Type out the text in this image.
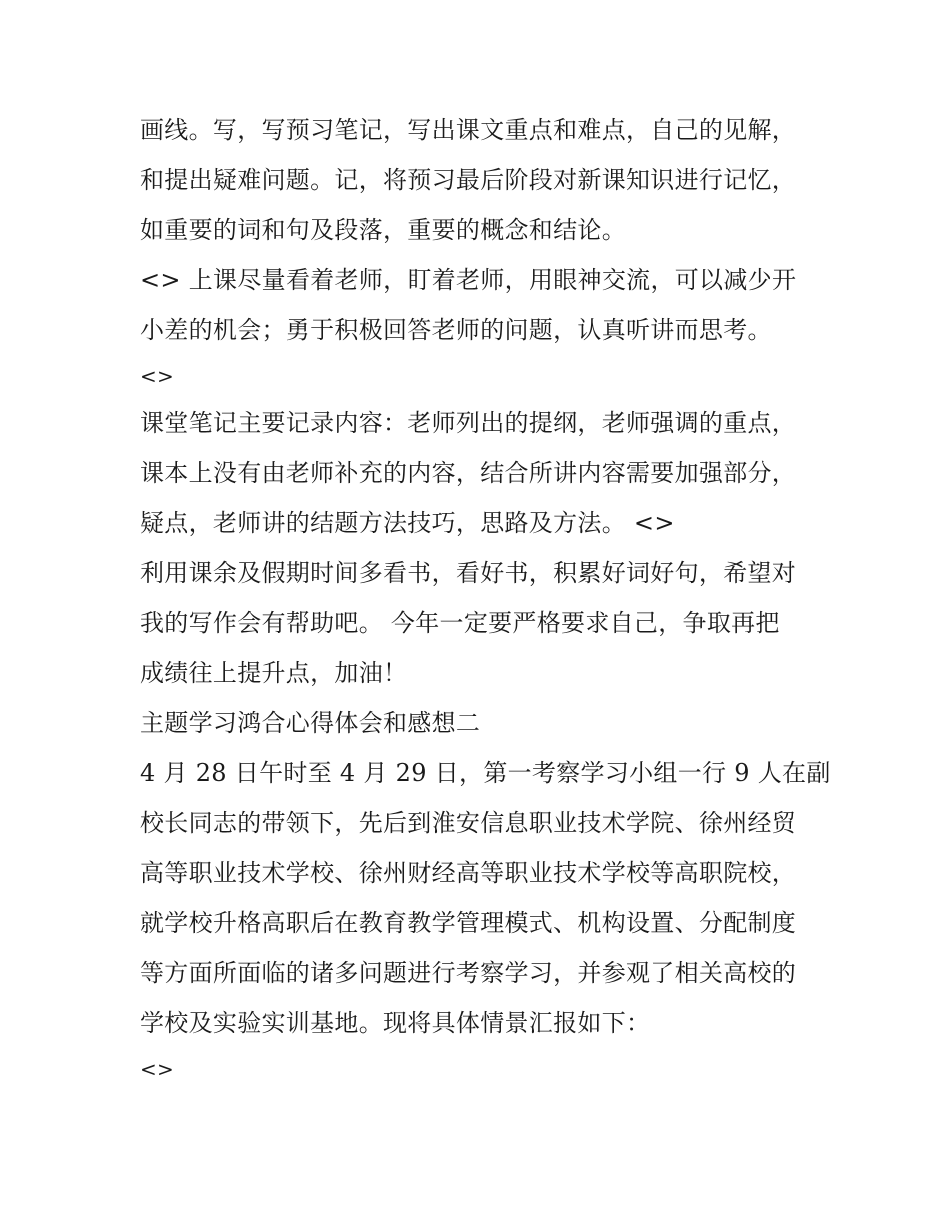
画线。写，写预习笔记，写出课文重点和难点，自己的见解，
和提出疑难问题。记，将预习最后阶段对新课知识进行记忆，
如重要的词和句及段落，重要的概念和结论。
<> 上课尽量看着老师，盯着老师，用眼神交流，可以减少开
小差的机会；勇于积极回答老师的问题，认真听讲而思考。
<>
课堂笔记主要记录内容：老师列出的提纲，老师强调的重点，
课本上没有由老师补充的内容，结合所讲内容需要加强部分，
疑点，老师讲的结题方法技巧，思路及方法。 <>
利用课余及假期时间多看书，看好书，积累好词好句，希望对
我的写作会有帮助吧。 今年一定要严格要求自己，争取再把
成绩往上提升点，加油！
主题学习鸿合心得体会和感想二
4 月 28 日午时至 4 月 29 日，第一考察学习小组一行 9 人在副
校长同志的带领下，先后到淮安信息职业技术学院、徐州经贸
高等职业技术学校、徐州财经高等职业技术学校等高职院校，
就学校升格高职后在教育教学管理模式、机构设置、分配制度
等方面所面临的诸多问题进行考察学习，并参观了相关高校的
学校及实验实训基地。现将具体情景汇报如下：
<>
